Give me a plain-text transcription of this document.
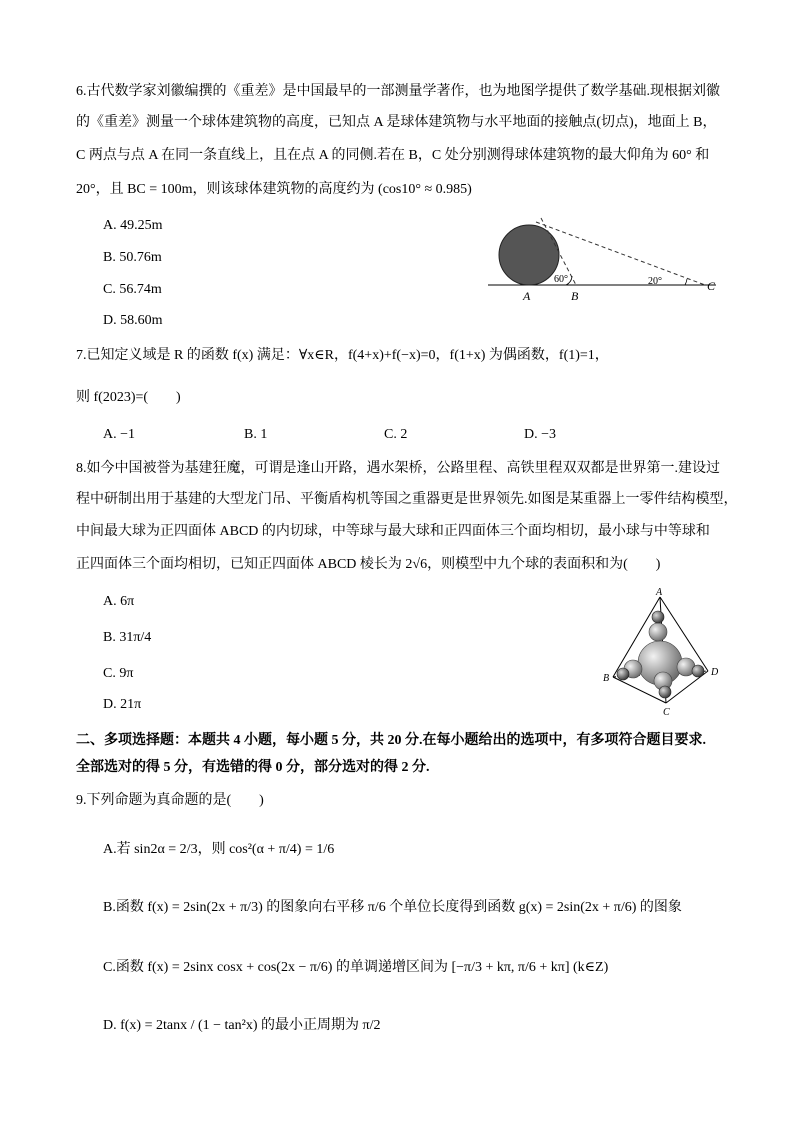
6.古代数学家刘徽编撰的《重差》是中国最早的一部测量学著作，也为地图学提供了数学基础.现根据刘徽
的《重差》测量一个球体建筑物的高度，已知点 A 是球体建筑物与水平地面的接触点(切点)，地面上 B，
C 两点与点 A 在同一条直线上，且在点 A 的同侧.若在 B，C 处分别测得球体建筑物的最大仰角为 60° 和
20°，且 BC = 100m，则该球体建筑物的高度约为 (cos10° ≈ 0.985)
A. 49.25m
B. 50.76m
C. 56.74m
D. 58.60m
60°	20°
A	B
C
7.已知定义域是 R 的函数 f(x) 满足：∀x∈R，f(4+x)+f(−x)=0，f(1+x) 为偶函数，f(1)=1，
则 f(2023)=(　　)
A. −1	B. 1	C. 2	D. −3
8.如今中国被誉为基建狂魔，可谓是逢山开路，遇水架桥，公路里程、高铁里程双双都是世界第一.建设过
程中研制出用于基建的大型龙门吊、平衡盾构机等国之重器更是世界领先.如图是某重器上一零件结构模型，
中间最大球为正四面体 ABCD 的内切球，中等球与最大球和正四面体三个面均相切，最小球与中等球和
正四面体三个面均相切，已知正四面体 ABCD 棱长为 2√6，则模型中九个球的表面积和为(　　)
A. 6π
B. 31π/4
C. 9π
D. 21π
A
B
C
D
二、多项选择题：本题共 4 小题，每小题 5 分，共 20 分.在每小题给出的选项中，有多项符合题目要求.
全部选对的得 5 分，有选错的得 0 分，部分选对的得 2 分.
9.下列命题为真命题的是(　　)
A.若 sin2α = 2/3，则 cos²(α + π/4) = 1/6
B.函数 f(x) = 2sin(2x + π/3) 的图象向右平移 π/6 个单位长度得到函数 g(x) = 2sin(2x + π/6) 的图象
C.函数 f(x) = 2sinx cosx + cos(2x − π/6) 的单调递增区间为 [−π/3 + kπ, π/6 + kπ] (k∈Z)
D. f(x) = 2tanx / (1 − tan²x) 的最小正周期为 π/2
